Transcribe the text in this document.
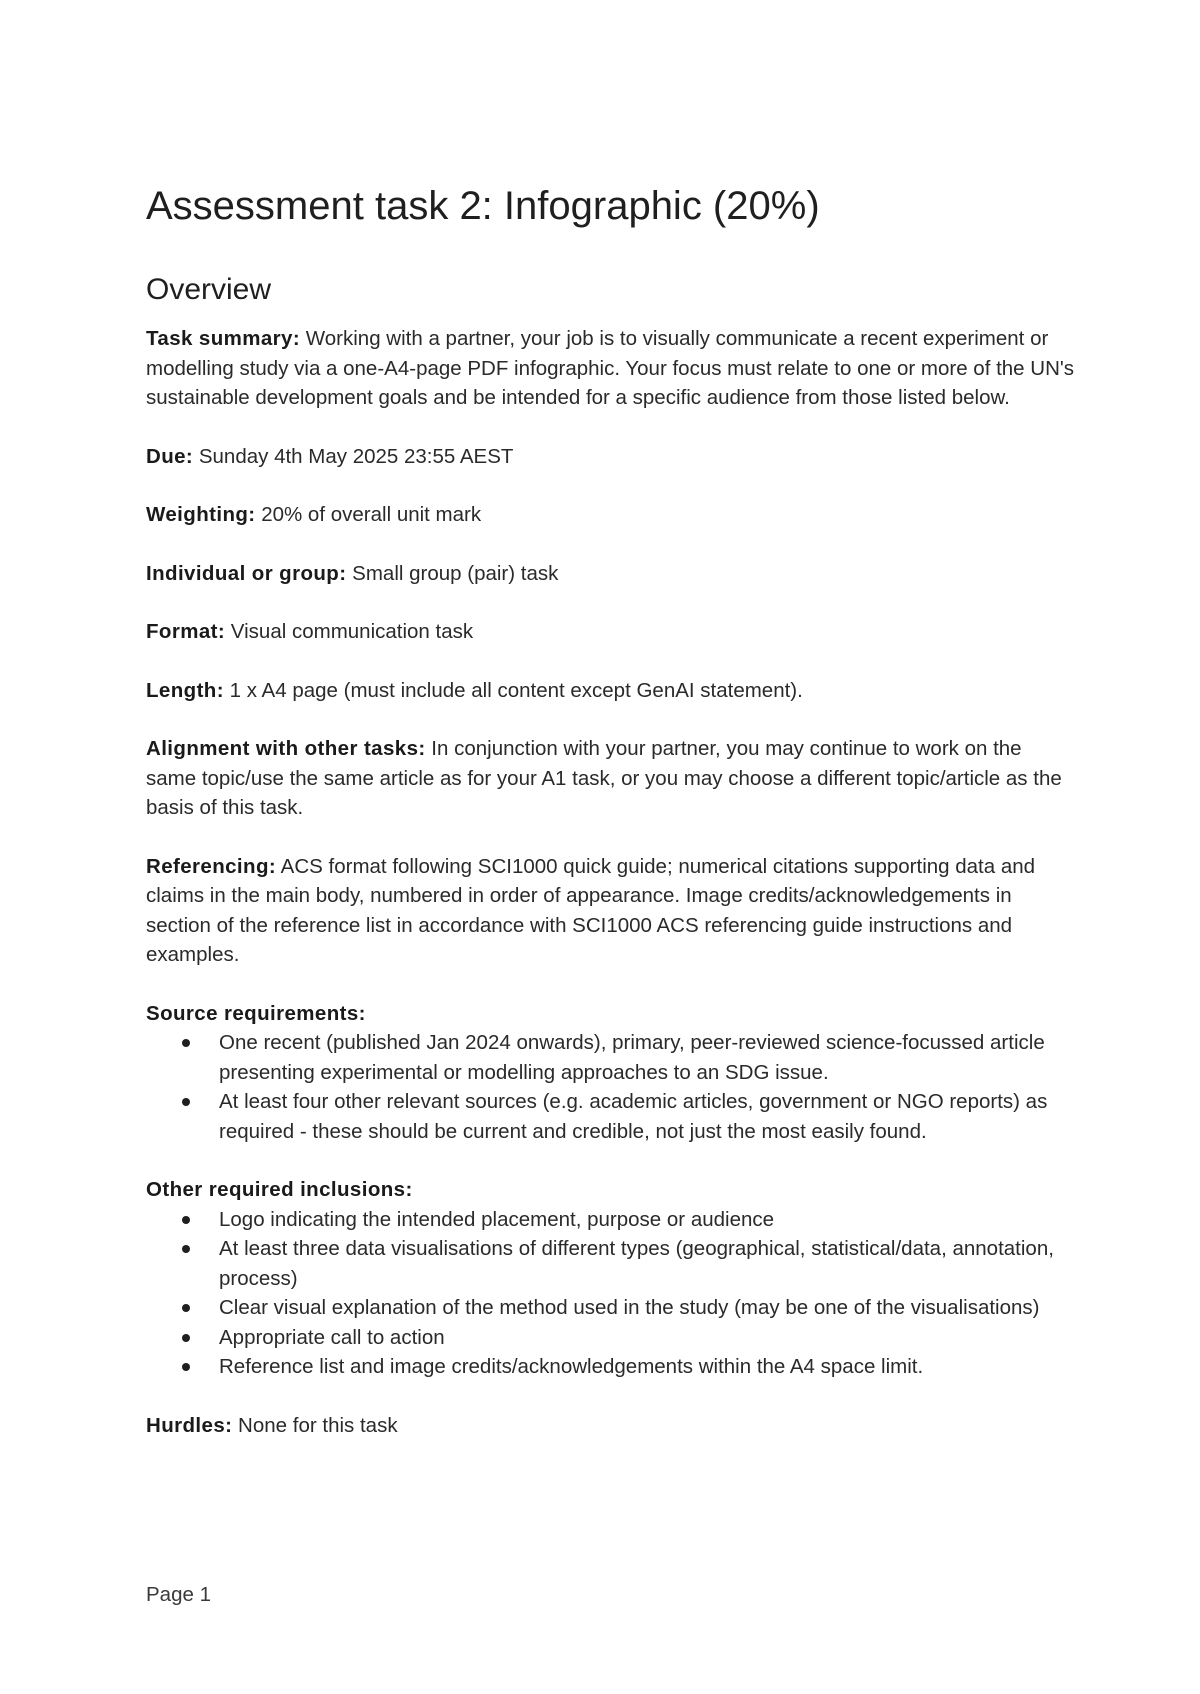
Assessment task 2: Infographic (20%)
Overview

Task summary: Working with a partner, your job is to visually communicate a recent experiment or modelling study via a one-A4-page PDF infographic. Your focus must relate to one or more of the UN's sustainable development goals and be intended for a specific audience from those listed below.

Due: Sunday 4th May 2025 23:55 AEST

Weighting: 20% of overall unit mark

Individual or group: Small group (pair) task

Format: Visual communication task

Length: 1 x A4 page (must include all content except GenAI statement).

Alignment with other tasks: In conjunction with your partner, you may continue to work on the same topic/use the same article as for your A1 task, or you may choose a different topic/article as the basis of this task.

Referencing: ACS format following SCI1000 quick guide; numerical citations supporting data and claims in the main body, numbered in order of appearance. Image credits/acknowledgements in section of the reference list in accordance with SCI1000 ACS referencing guide instructions and examples.

Source requirements:
One recent (published Jan 2024 onwards), primary, peer-reviewed science-focussed article presenting experimental or modelling approaches to an SDG issue.
At least four other relevant sources (e.g. academic articles, government or NGO reports) as required - these should be current and credible, not just the most easily found.
Other required inclusions:
Logo indicating the intended placement, purpose or audience
At least three data visualisations of different types (geographical, statistical/data, annotation, process)
Clear visual explanation of the method used in the study (may be one of the visualisations)
Appropriate call to action
Reference list and image credits/acknowledgements within the A4 space limit.

Hurdles: None for this task

Page 1
